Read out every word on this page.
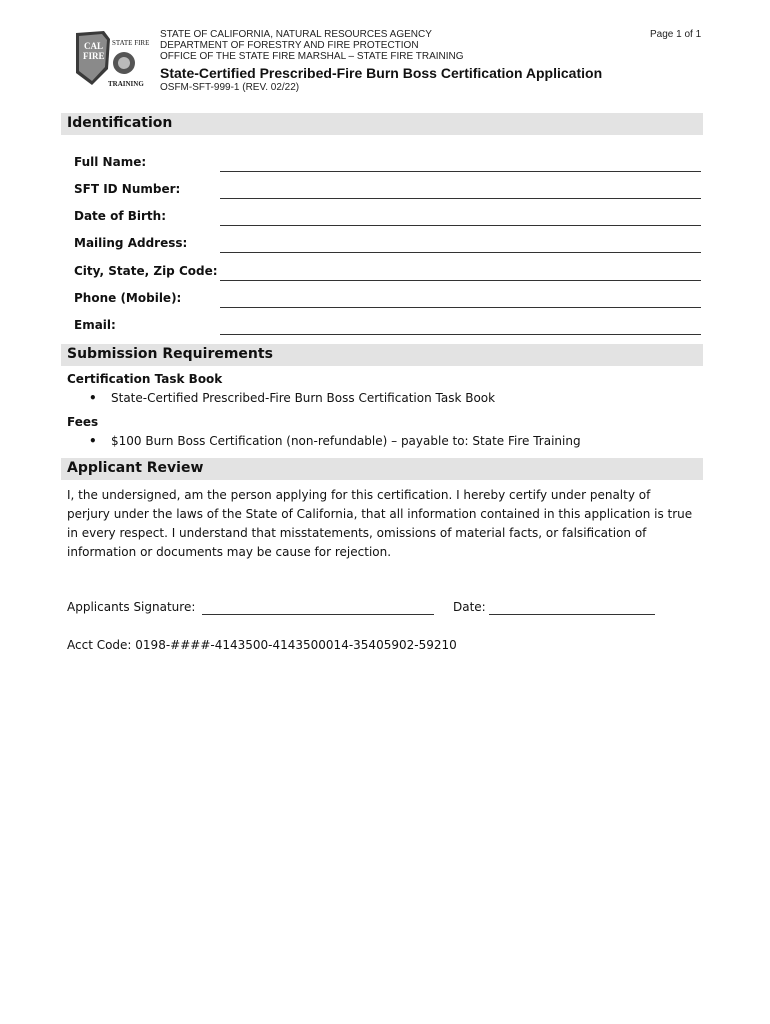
CAL
FIRE
STATE FIRE
TRAINING
STATE OF CALIFORNIA, NATURAL RESOURCES AGENCY
DEPARTMENT OF FORESTRY AND FIRE PROTECTION
OFFICE OF THE STATE FIRE MARSHAL – STATE FIRE TRAINING
State-Certified Prescribed-Fire Burn Boss Certification Application
OSFM-SFT-999-1 (REV. 02/22)
Page 1 of 1
Identification
Full Name:
SFT ID Number:
Date of Birth:
Mailing Address:
City, State, Zip Code:
Phone (Mobile):
Email:
Submission Requirements
Certification Task Book
• State-Certified Prescribed-Fire Burn Boss Certification Task Book
Fees
• $100 Burn Boss Certification (non-refundable) – payable to: State Fire Training
Applicant Review
I, the undersigned, am the person applying for this certification. I hereby certify under penalty of perjury under the laws of the State of California, that all information contained in this application is true in every respect. I understand that misstatements, omissions of material facts, or falsification of information or documents may be cause for rejection.
Applicants Signature:	Date:
Acct Code: 0198-####-4143500-4143500014-35405902-59210
